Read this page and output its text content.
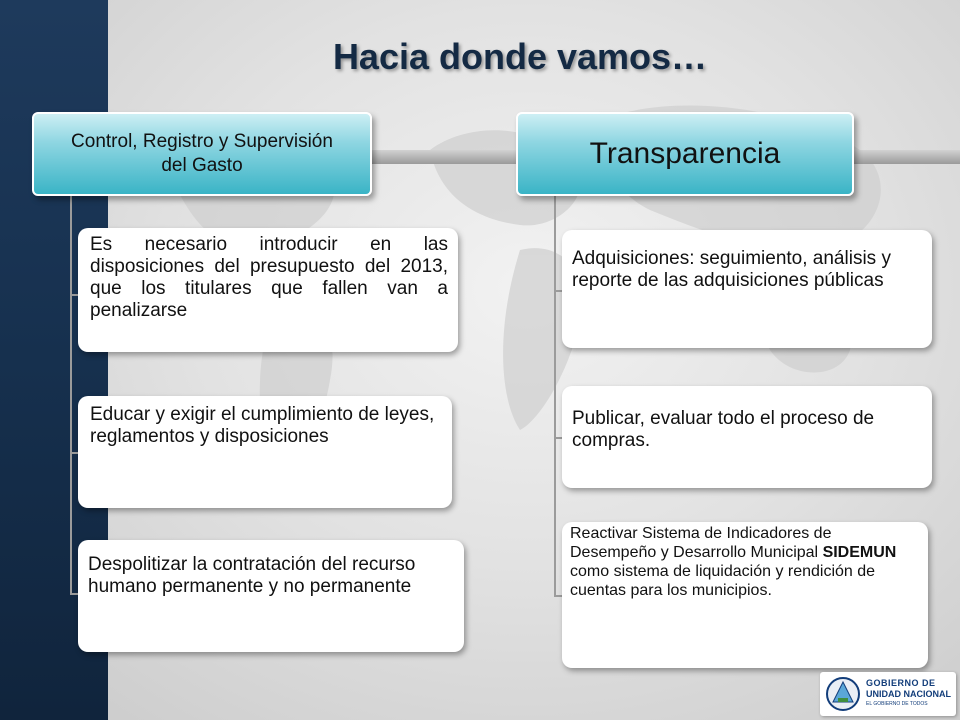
Hacia donde vamos…
Control, Registro y Supervisión del Gasto	Transparencia
Es necesario introducir en las disposiciones del presupuesto del 2013, que los titulares que fallen van a penalizarse
Educar y exigir el cumplimiento de leyes, reglamentos y disposiciones
Despolitizar la contratación del recurso humano permanente y no permanente
Adquisiciones: seguimiento, análisis y reporte de las adquisiciones públicas
Publicar, evaluar todo el proceso de compras.
Reactivar Sistema de Indicadores de Desempeño y Desarrollo Municipal SIDEMUN como sistema de liquidación y rendición de cuentas para los municipios.
GOBIERNO DE
UNIDAD NACIONAL
EL GOBIERNO DE TODOS
